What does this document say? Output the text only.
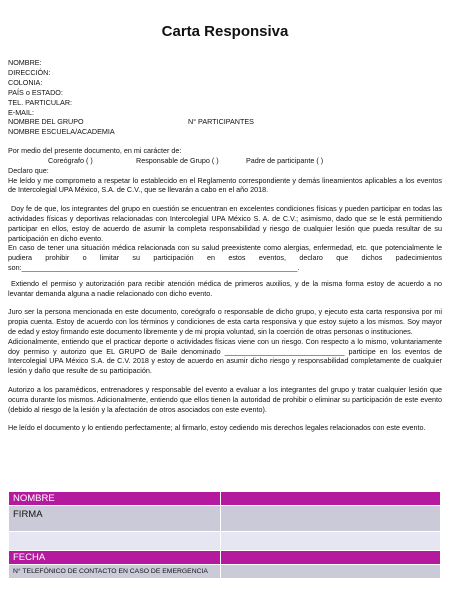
Carta Responsiva
NOMBRE:
DIRECCIÓN:
COLONIA:
PAÍS o ESTADO:
TEL. PARTICULAR:
E-MAIL:
NOMBRE DEL GRUPO	N° PARTICIPANTES
NOMBRE ESCUELA/ACADEMIA

Por medio del presente documento, en mi carácter de:

Coreógrafo ( )	Responsable de Grupo ( )	Padre de participante ( )

Declaro que:

He leído y me comprometo a respetar lo establecido en el Reglamento correspondiente y demás lineamientos aplicables a los eventos de Intercolegial UPA México, S.A. de C.V., que se llevarán a cabo en el año 2018.

Doy fe de que, los integrantes del grupo en cuestión se encuentran en excelentes condiciones físicas y pueden participar en todas las actividades físicas y deportivas relacionadas con Intercolegial UPA México S. A. de C.V.; asimismo, dado que se le está permitiendo participar en ellos, estoy de acuerdo de asumir la completa responsabilidad y riesgo de cualquier lesión que pueda resultar de su participación en dicho evento.

En caso de tener una situación médica relacionada con su salud preexistente como alergias, enfermedad, etc. que potencialmente le pudiera prohibir o limitar su participación en estos eventos, declaro que dichos padecimientos son:_____________________________________________________________________.

Extiendo el permiso y autorización para recibir atención médica de primeros auxilios, y de la misma forma estoy de acuerdo a no levantar demanda alguna a nadie relacionado con dicho evento.

Juro ser la persona mencionada en este documento, coreógrafo o responsable de dicho grupo, y ejecuto esta carta responsiva por mi propia cuenta. Estoy de acuerdo con los términos y condiciones de esta carta responsiva y que estoy sujeto a los mismos. Soy mayor de edad y estoy firmando este documento libremente y de mi propia voluntad, sin la coerción de otras personas o instituciones.

Adicionalmente, entiendo que el practicar deporte o actividades físicas viene con un riesgo. Con respecto a lo mismo, voluntariamente doy permiso y autorizo que EL GRUPO de Baile denominado ______________________________ participe en los eventos de Intercolegial UPA México S.A. de C.V. 2018 y estoy de acuerdo en asumir dicho riesgo y responsabilidad completamente de cualquier lesión y daño que resulte de su participación.

Autorizo a los paramédicos, entrenadores y responsable del evento a evaluar a los integrantes del grupo y tratar cualquier lesión que ocurra durante los mismos. Adicionalmente, entiendo que ellos tienen la autoridad de prohibir o eliminar su participación de este evento (debido al riesgo de la lesión y la afectación de otros asociados con este evento).

He leído el documento y lo entiendo perfectamente; al firmarlo, estoy cediendo mis derechos legales relacionados con este evento.

NOMBRE	
FIRMA	

FECHA	
N° TELEFÓNICO DE CONTACTO EN CASO DE EMERGENCIA	
